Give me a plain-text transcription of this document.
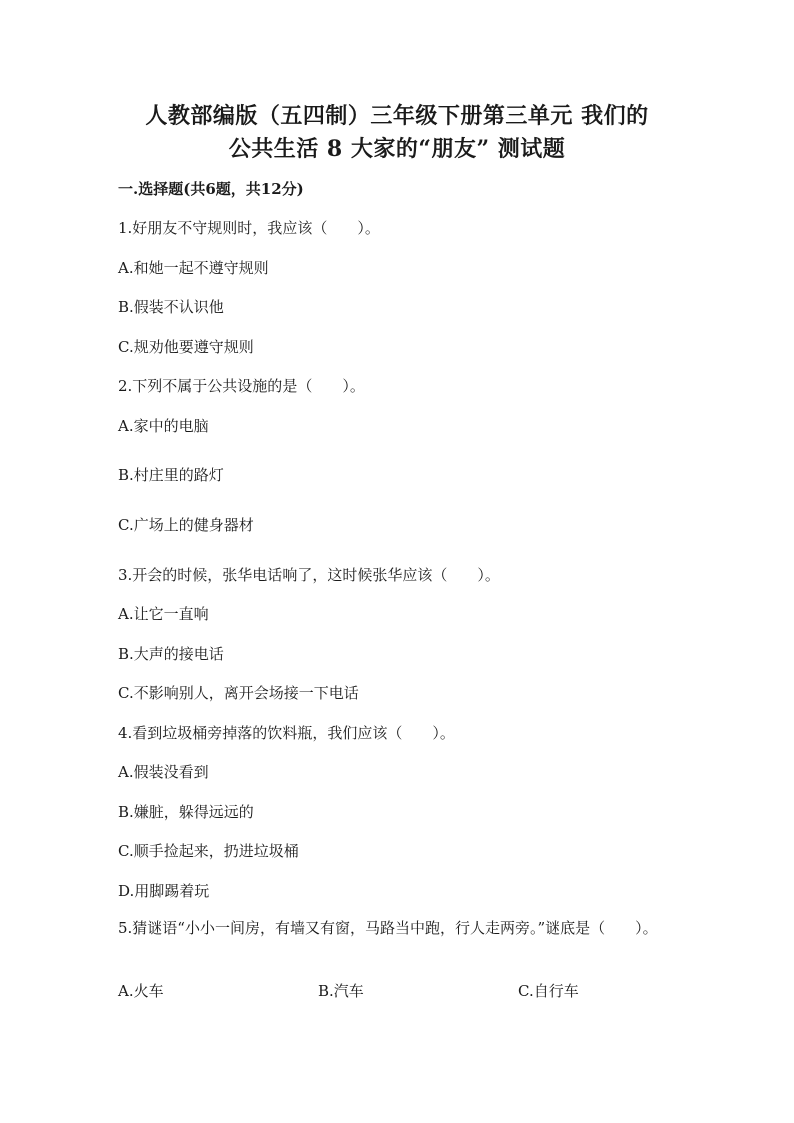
人教部编版（五四制）三年级下册第三单元 我们的
公共生活 8 大家的“朋友” 测试题
一.选择题(共6题，共12分)
1.好朋友不守规则时，我应该（　　）。
A.和她一起不遵守规则
B.假装不认识他
C.规劝他要遵守规则
2.下列不属于公共设施的是（　　）。
A.家中的电脑
B.村庄里的路灯
C.广场上的健身器材
3.开会的时候，张华电话响了，这时候张华应该（　　）。
A.让它一直响
B.大声的接电话
C.不影响别人，离开会场接一下电话
4.看到垃圾桶旁掉落的饮料瓶，我们应该（　　）。
A.假装没看到
B.嫌脏，躲得远远的
C.顺手捡起来，扔进垃圾桶
D.用脚踢着玩
5.猜谜语“小小一间房，有墙又有窗，马路当中跑，行人走两旁。”谜底是（　　）。
A.火车	B.汽车	C.自行车
